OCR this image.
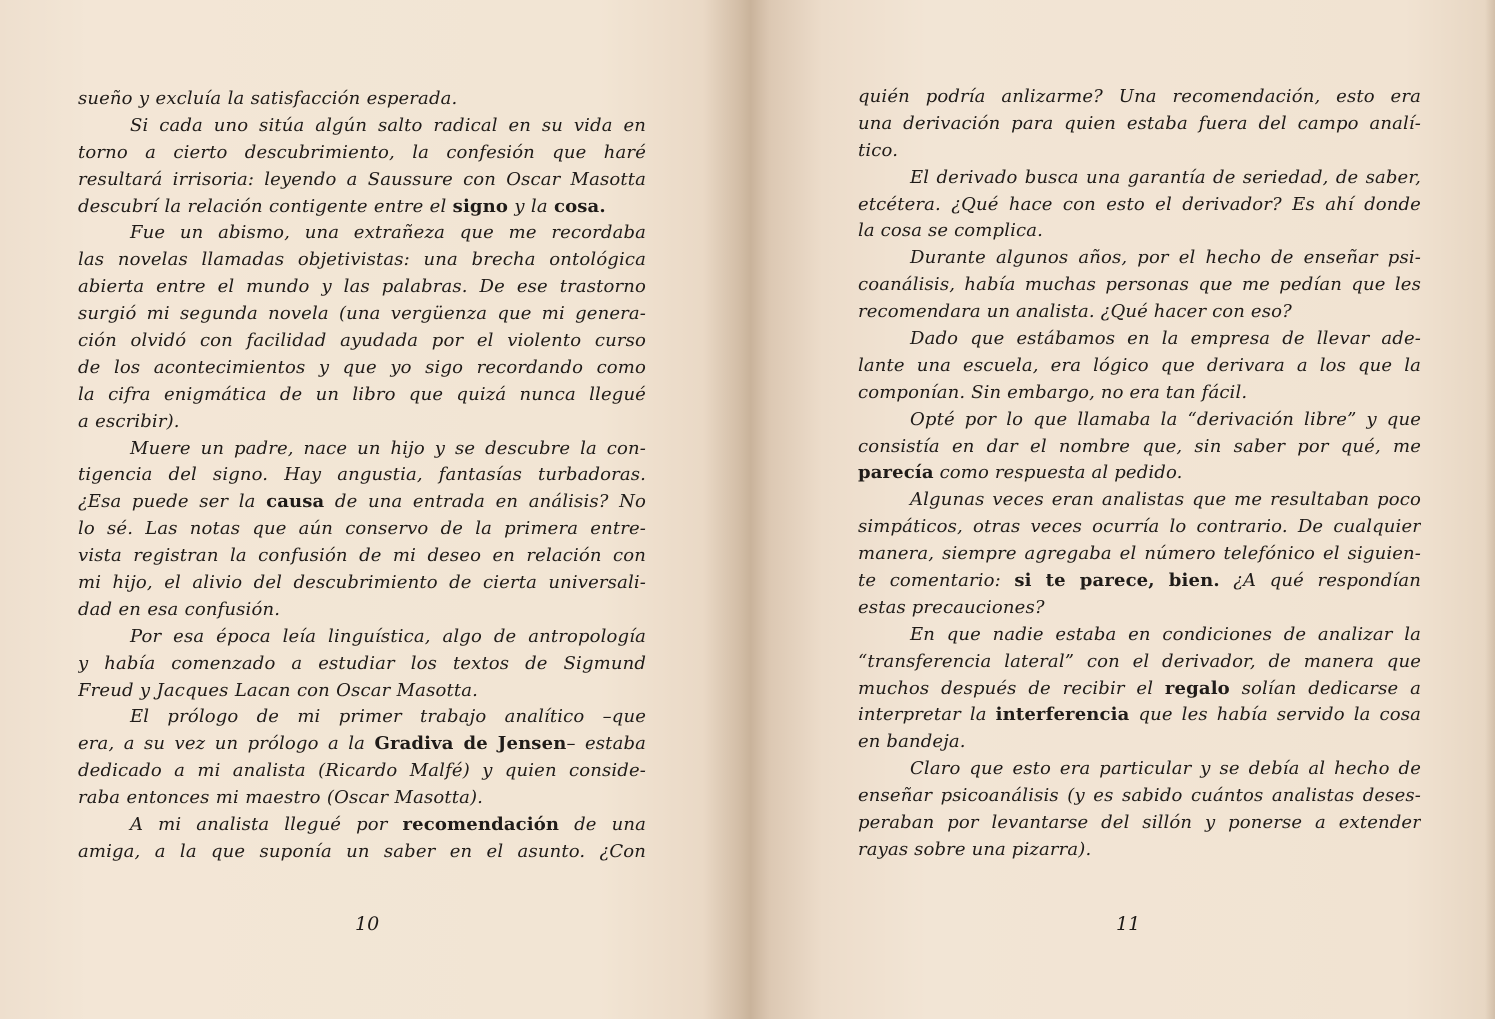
sueño y excluía la satisfacción esperada.
Si cada uno sitúa algún salto radical en su vida en
torno a cierto descubrimiento, la confesión que haré
resultará irrisoria: leyendo a Saussure con Oscar Masotta
descubrí la relación contigente entre el signo y la cosa.
Fue un abismo, una extrañeza que me recordaba
las novelas llamadas objetivistas: una brecha ontológica
abierta entre el mundo y las palabras. De ese trastorno
surgió mi segunda novela (una vergüenza que mi genera-
ción olvidó con facilidad ayudada por el violento curso
de los acontecimientos y que yo sigo recordando como
la cifra enigmática de un libro que quizá nunca llegué
a escribir).
Muere un padre, nace un hijo y se descubre la con-
tigencia del signo. Hay angustia, fantasías turbadoras.
¿Esa puede ser la causa de una entrada en análisis? No
lo sé. Las notas que aún conservo de la primera entre-
vista registran la confusión de mi deseo en relación con
mi hijo, el alivio del descubrimiento de cierta universali-
dad en esa confusión.
Por esa época leía linguística, algo de antropología
y había comenzado a estudiar los textos de Sigmund
Freud y Jacques Lacan con Oscar Masotta.
El prólogo de mi primer trabajo analítico –que
era, a su vez un prólogo a la Gradiva de Jensen– estaba
dedicado a mi analista (Ricardo Malfé) y quien conside-
raba entonces mi maestro (Oscar Masotta).
A mi analista llegué por recomendación de una
amiga, a la que suponía un saber en el asunto. ¿Con
10
quién podría anlizarme? Una recomendación, esto era
una derivación para quien estaba fuera del campo analí-
tico.
El derivado busca una garantía de seriedad, de saber,
etcétera. ¿Qué hace con esto el derivador? Es ahí donde
la cosa se complica.
Durante algunos años, por el hecho de enseñar psi-
coanálisis, había muchas personas que me pedían que les
recomendara un analista. ¿Qué hacer con eso?
Dado que estábamos en la empresa de llevar ade-
lante una escuela, era lógico que derivara a los que la
componían. Sin embargo, no era tan fácil.
Opté por lo que llamaba la “derivación libre” y que
consistía en dar el nombre que, sin saber por qué, me
parecía como respuesta al pedido.
Algunas veces eran analistas que me resultaban poco
simpáticos, otras veces ocurría lo contrario. De cualquier
manera, siempre agregaba el número telefónico el siguien-
te comentario: si te parece, bien. ¿A qué respondían
estas precauciones?
En que nadie estaba en condiciones de analizar la
“transferencia lateral” con el derivador, de manera que
muchos después de recibir el regalo solían dedicarse a
interpretar la interferencia que les había servido la cosa
en bandeja.
Claro que esto era particular y se debía al hecho de
enseñar psicoanálisis (y es sabido cuántos analistas deses-
peraban por levantarse del sillón y ponerse a extender
rayas sobre una pizarra).
11
